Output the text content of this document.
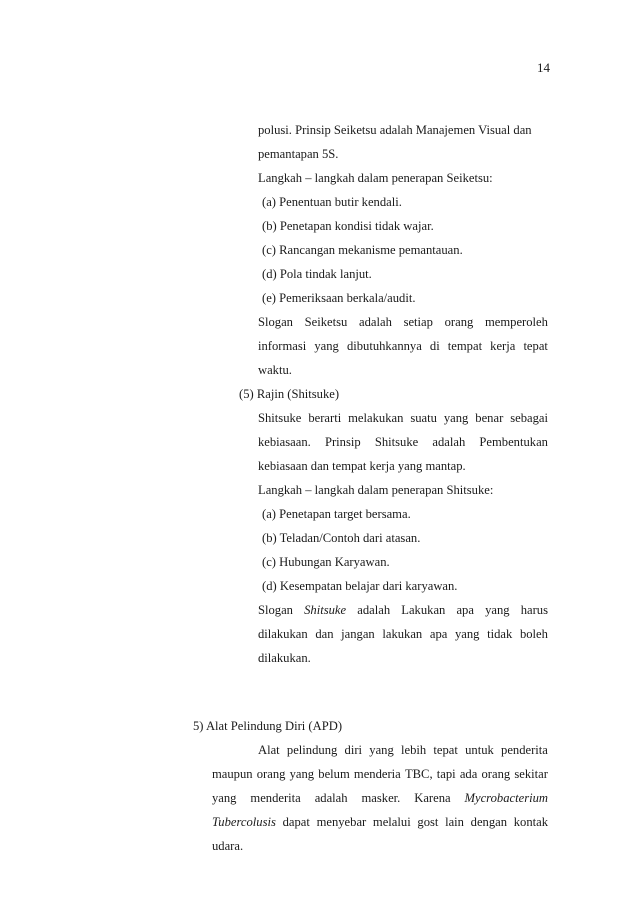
14
polusi. Prinsip Seiketsu adalah Manajemen Visual dan
pemantapan 5S.
Langkah – langkah dalam penerapan Seiketsu:
(a) Penentuan butir kendali.
(b) Penetapan kondisi tidak wajar.
(c) Rancangan mekanisme pemantauan.
(d) Pola tindak lanjut.
(e) Pemeriksaan berkala/audit.
Slogan Seiketsu adalah setiap orang memperoleh
informasi yang dibutuhkannya di tempat kerja tepat
waktu.
(5) Rajin (Shitsuke)
Shitsuke berarti melakukan suatu yang benar sebagai
kebiasaan. Prinsip Shitsuke adalah Pembentukan
kebiasaan dan tempat kerja yang mantap.
Langkah – langkah dalam penerapan Shitsuke:
(a) Penetapan target bersama.
(b) Teladan/Contoh dari atasan.
(c) Hubungan Karyawan.
(d) Kesempatan belajar dari karyawan.
Slogan Shitsuke adalah Lakukan apa yang harus
dilakukan dan jangan lakukan apa yang tidak boleh
dilakukan.
5) Alat Pelindung Diri (APD)
Alat pelindung diri yang lebih tepat untuk penderita
maupun orang yang belum menderia TBC, tapi ada orang sekitar
yang menderita adalah masker. Karena Mycrobacterium
Tubercolusis dapat menyebar melalui gost lain dengan kontak
udara.
